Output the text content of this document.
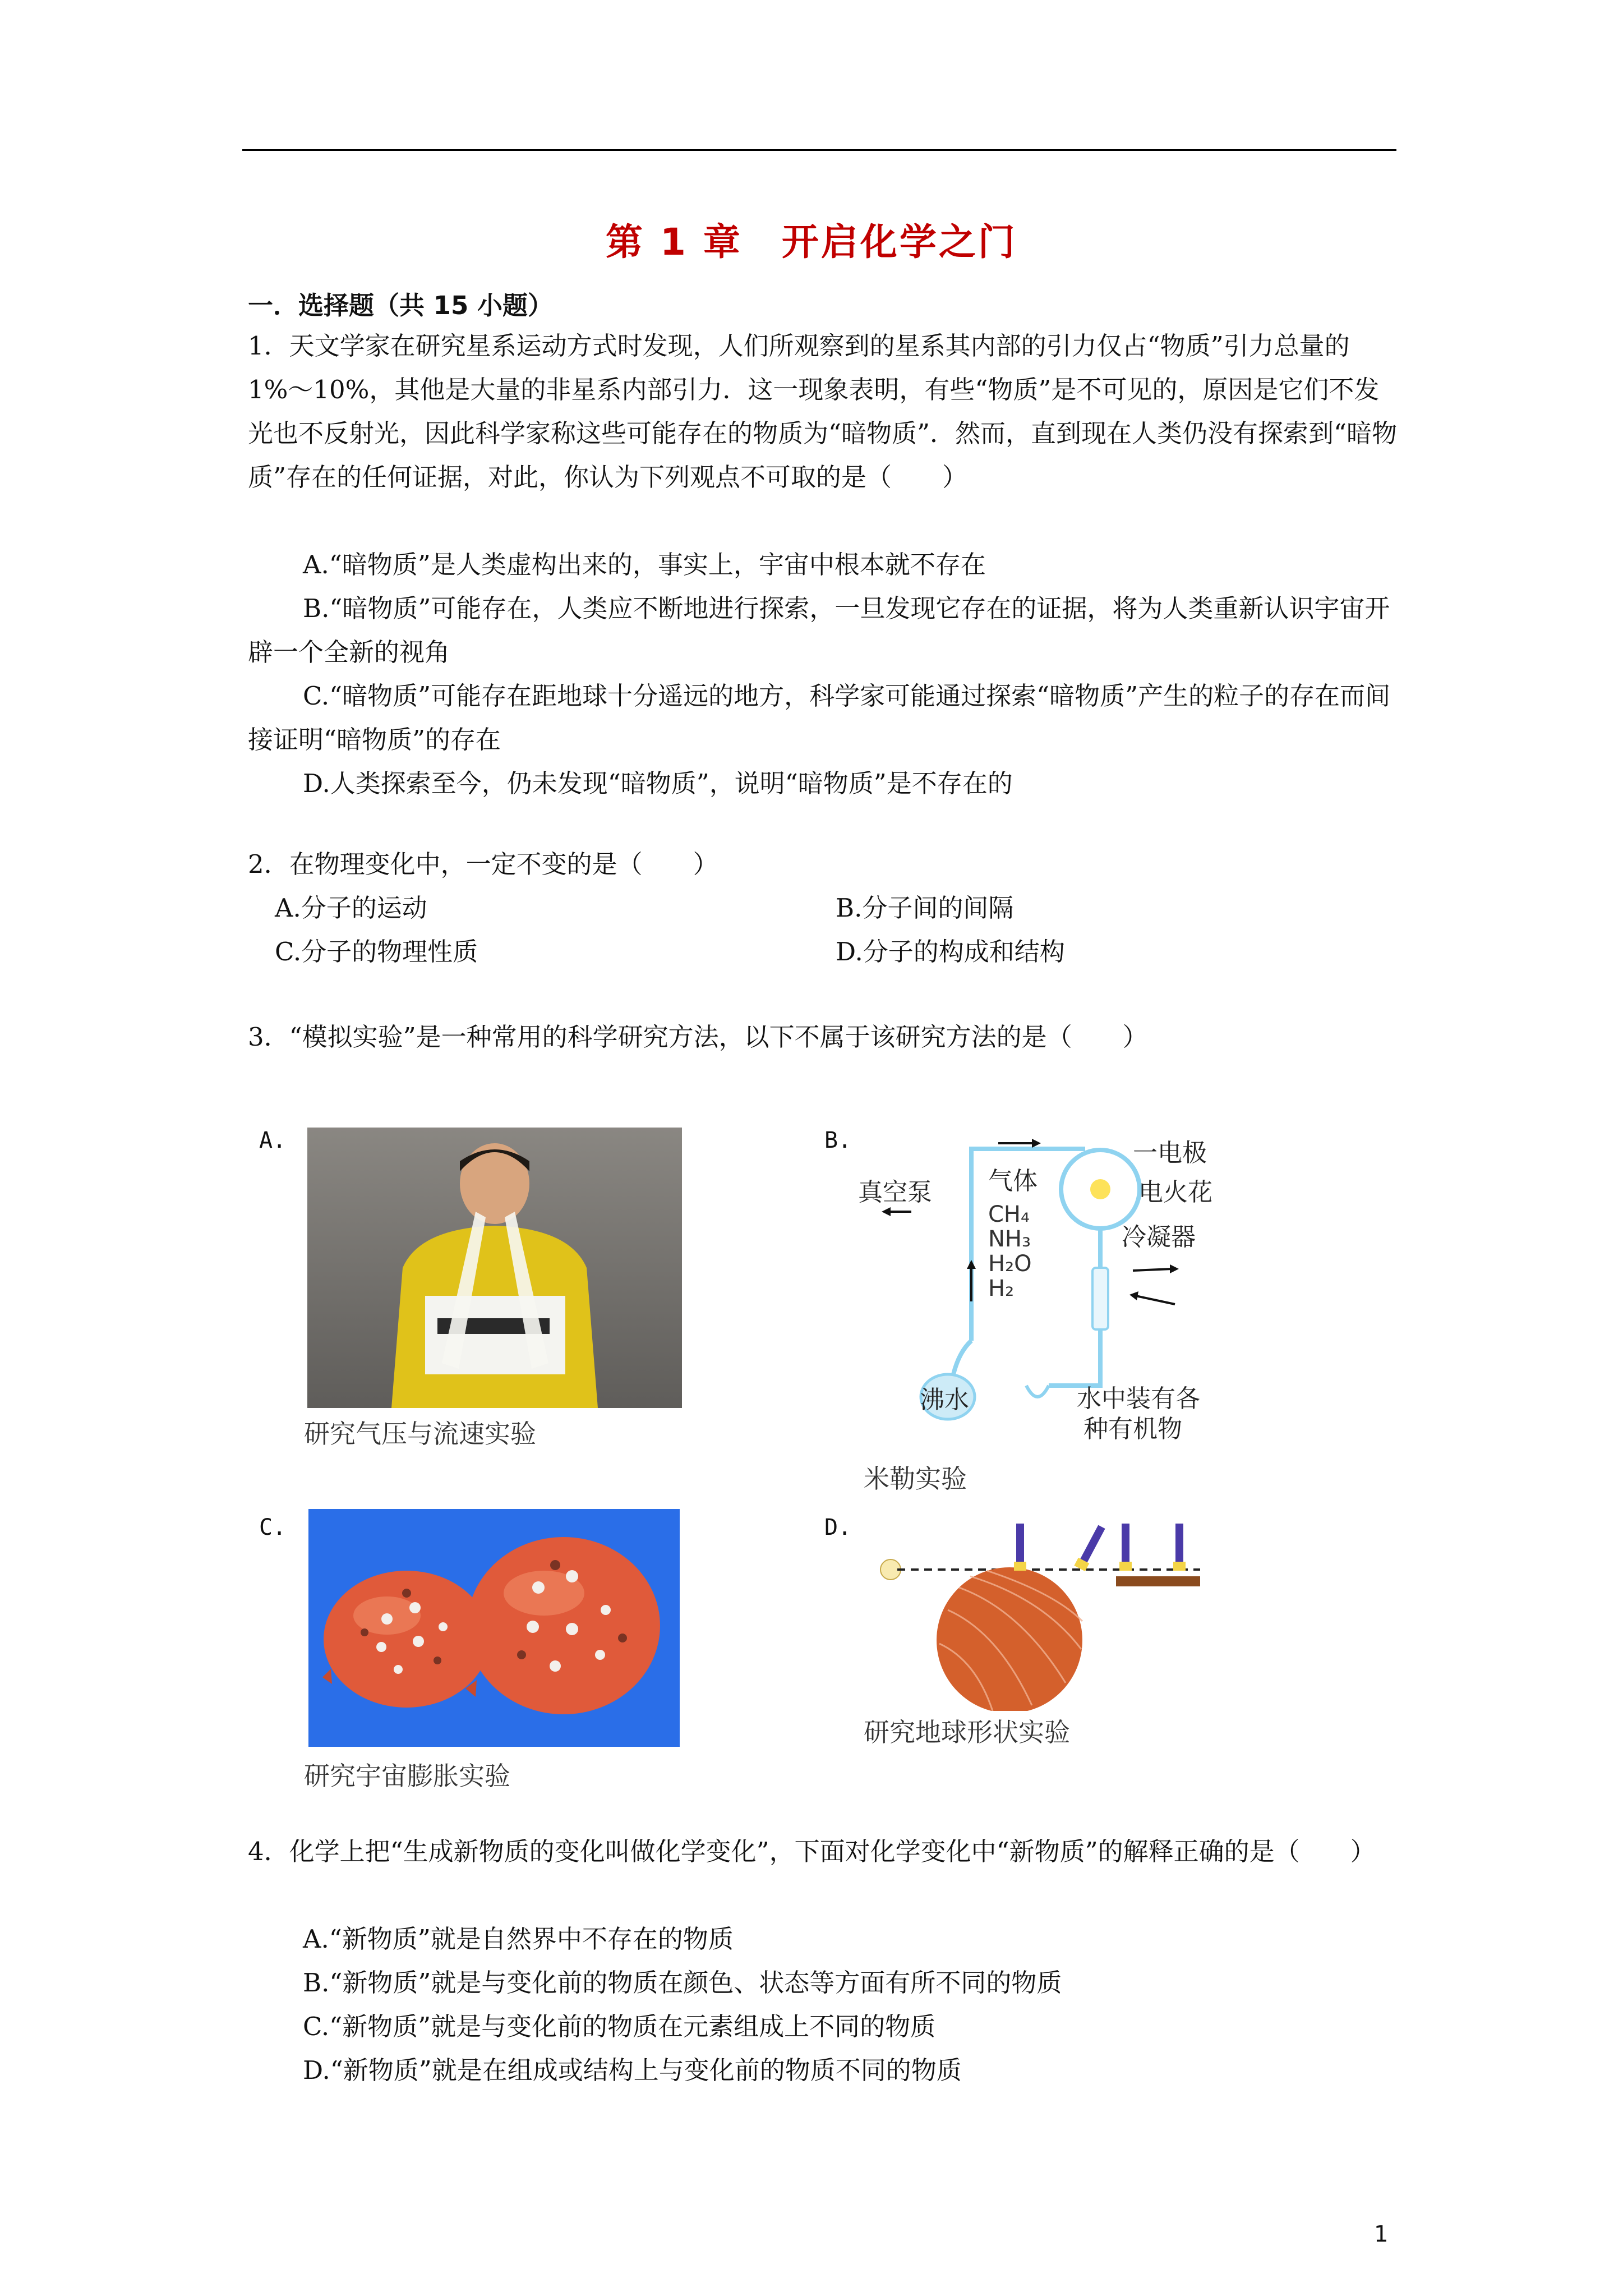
第 1 章　开启化学之门
一．选择题（共 15 小题）
1．天文学家在研究星系运动方式时发现，人们所观察到的星系其内部的引力仅占“物质”引力总量的 1%～10%，其他是大量的非星系内部引力．这一现象表明，有些“物质”是不可见的，原因是它们不发光也不反射光，因此科学家称这些可能存在的物质为“暗物质”．然而，直到现在人类仍没有探索到“暗物质”存在的任何证据，对此，你认为下列观点不可取的是（　　）
A.“暗物质”是人类虚构出来的，事实上，宇宙中根本就不存在
B.“暗物质”可能存在，人类应不断地进行探索，一旦发现它存在的证据，将为人类重新认识宇宙开辟一个全新的视角
C.“暗物质”可能存在距地球十分遥远的地方，科学家可能通过探索“暗物质”产生的粒子的存在而间接证明“暗物质”的存在
D.人类探索至今，仍未发现“暗物质”，说明“暗物质”是不存在的
2．在物理变化中，一定不变的是（　　）
A.分子的运动	B.分子间的间隔
C.分子的物理性质	D.分子的构成和结构
3．“模拟实验”是一种常用的科学研究方法，以下不属于该研究方法的是（　　）
A.
研究气压与流速实验
B.	一电极
气体	电火花
真空泵
CH₄
NH₃
H₂O
H₂
冷凝器
沸水	水中装有各
种有机物
米勒实验
C.
研究宇宙膨胀实验
D.
研究地球形状实验
4．化学上把“生成新物质的变化叫做化学变化”，下面对化学变化中“新物质”的解释正确的是（　　）
A.“新物质”就是自然界中不存在的物质
B.“新物质”就是与变化前的物质在颜色、状态等方面有所不同的物质
C.“新物质”就是与变化前的物质在元素组成上不同的物质
D.“新物质”就是在组成或结构上与变化前的物质不同的物质
1
